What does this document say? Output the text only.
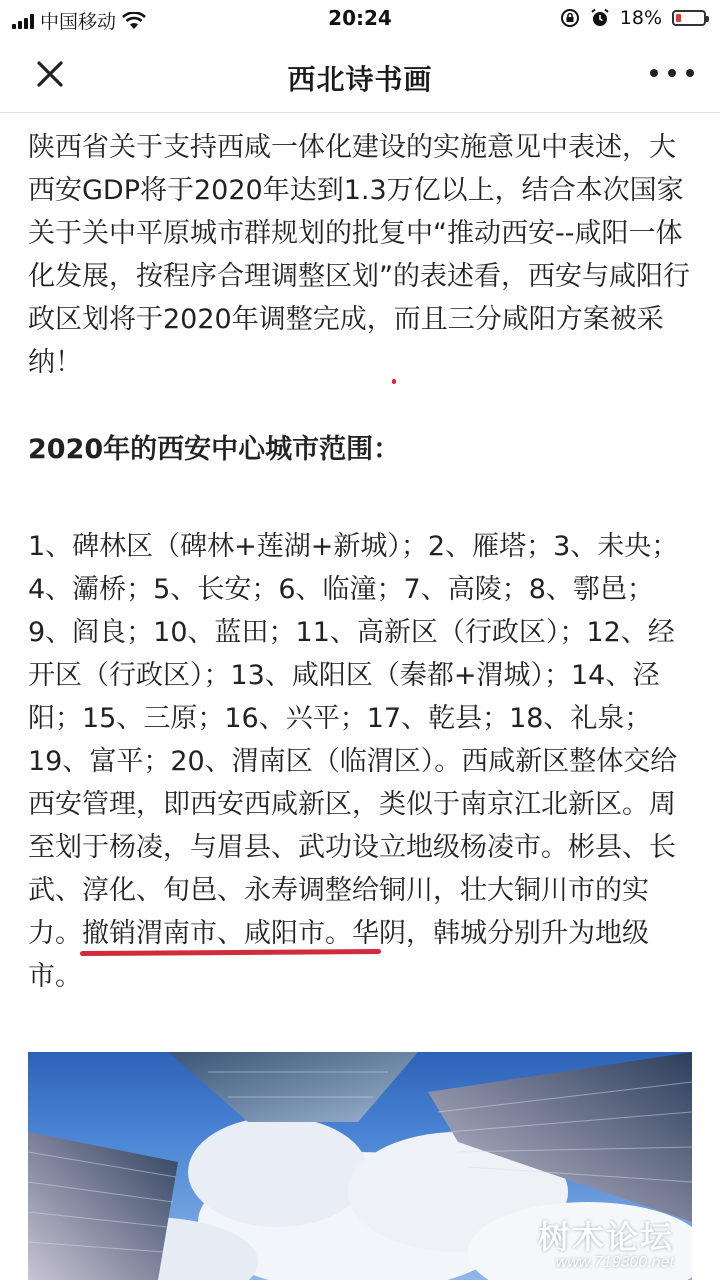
中国移动	20:24	18%
西北诗书画

陕西省关于支持西咸一体化建设的实施意见中表述，大西安GDP将于2020年达到1.3万亿以上，结合本次国家关于关中平原城市群规划的批复中“推动西安--咸阳一体化发展，按程序合理调整区划”的表述看，西安与咸阳行政区划将于2020年调整完成，而且三分咸阳方案被采纳！

2020年的西安中心城市范围：

1、碑林区（碑林+莲湖+新城）；2、雁塔；3、未央；4、灞桥；5、长安；6、临潼；7、高陵；8、鄠邑；9、阎良；10、蓝田；11、高新区（行政区）；12、经开区（行政区）；13、咸阳区（秦都+渭城）；14、泾阳；15、三原；16、兴平；17、乾县；18、礼泉；19、富平；20、渭南区（临渭区）。西咸新区整体交给西安管理，即西安西咸新区，类似于南京江北新区。周至划于杨凌，与眉县、武功设立地级杨凌市。彬县、长武、淳化、旬邑、永寿调整给铜川，壮大铜川市的实力。撤销渭南市、咸阳市。华阴，韩城分别升为地级市。

树木论坛
www.719300.net
